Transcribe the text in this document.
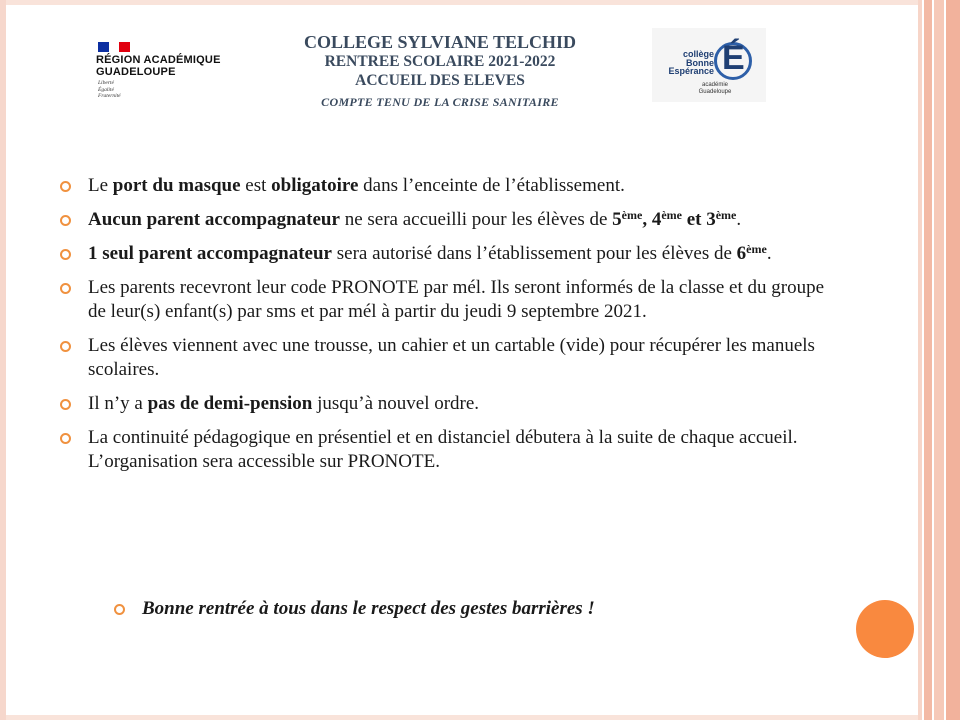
RÉGION ACADÉMIQUE
GUADELOUPE
Liberté
Égalité
Fraternité
COLLEGE SYLVIANE TELCHID
RENTREE SCOLAIRE 2021-2022
ACCUEIL DES ELEVES
COMPTE TENU DE LA CRISE SANITAIRE
collège
Bonne
Espérance É
académie
Guadeloupe
Le port du masque est obligatoire dans l’enceinte de l’établissement.
Aucun parent accompagnateur ne sera accueilli pour les élèves de 5ème, 4ème et 3ème.
1 seul parent accompagnateur sera autorisé dans l’établissement pour les élèves de 6ème.
Les parents recevront leur code PRONOTE par mél. Ils seront informés de la classe et du groupe de leur(s) enfant(s) par sms et par mél à partir du jeudi 9 septembre 2021.
Les élèves viennent avec une trousse, un cahier et un cartable (vide) pour récupérer les manuels scolaires.
Il n’y a pas de demi-pension jusqu’à nouvel ordre.
La continuité pédagogique en présentiel et en distanciel débutera à la suite de chaque accueil. L’organisation sera accessible sur PRONOTE.
Bonne rentrée à tous dans le respect des gestes barrières !
